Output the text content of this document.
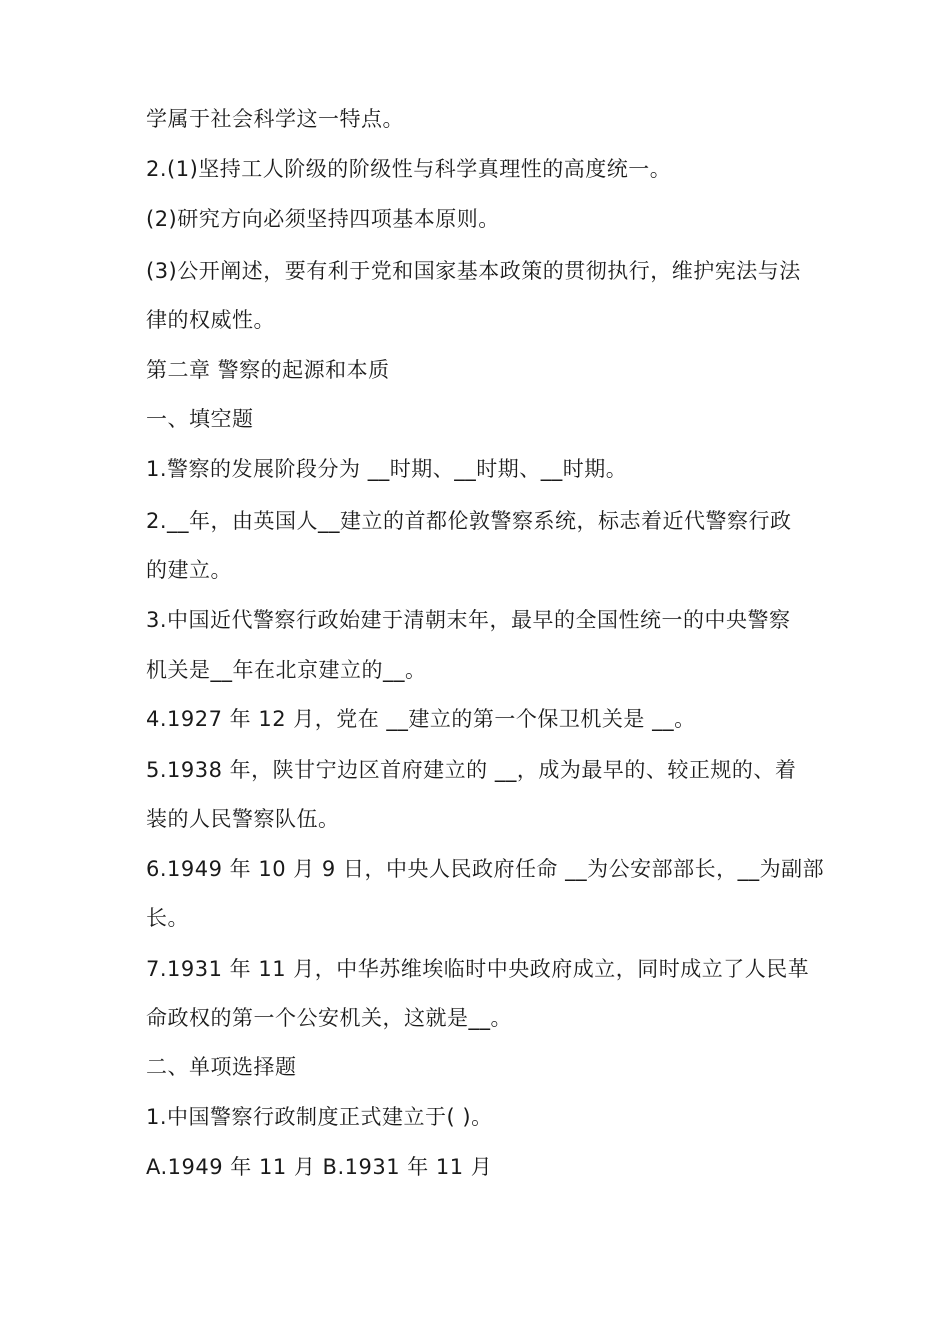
学属于社会科学这一特点。
2.(1)坚持工人阶级的阶级性与科学真理性的高度统一。
(2)研究方向必须坚持四项基本原则。
(3)公开阐述，要有利于党和国家基本政策的贯彻执行，维护宪法与法
律的权威性。
第二章 警察的起源和本质
一、填空题
1.警察的发展阶段分为 __时期、__时期、__时期。
2.__年，由英国人__建立的首都伦敦警察系统，标志着近代警察行政
的建立。
3.中国近代警察行政始建于清朝末年，最早的全国性统一的中央警察
机关是__年在北京建立的__。
4.1927 年 12 月，党在 __建立的第一个保卫机关是 __。
5.1938 年，陕甘宁边区首府建立的 __，成为最早的、较正规的、着
装的人民警察队伍。
6.1949 年 10 月 9 日，中央人民政府任命 __为公安部部长，__为副部
长。
7.1931 年 11 月，中华苏维埃临时中央政府成立，同时成立了人民革
命政权的第一个公安机关，这就是__。
二、单项选择题
1.中国警察行政制度正式建立于( )。
A.1949 年 11 月 B.1931 年 11 月
